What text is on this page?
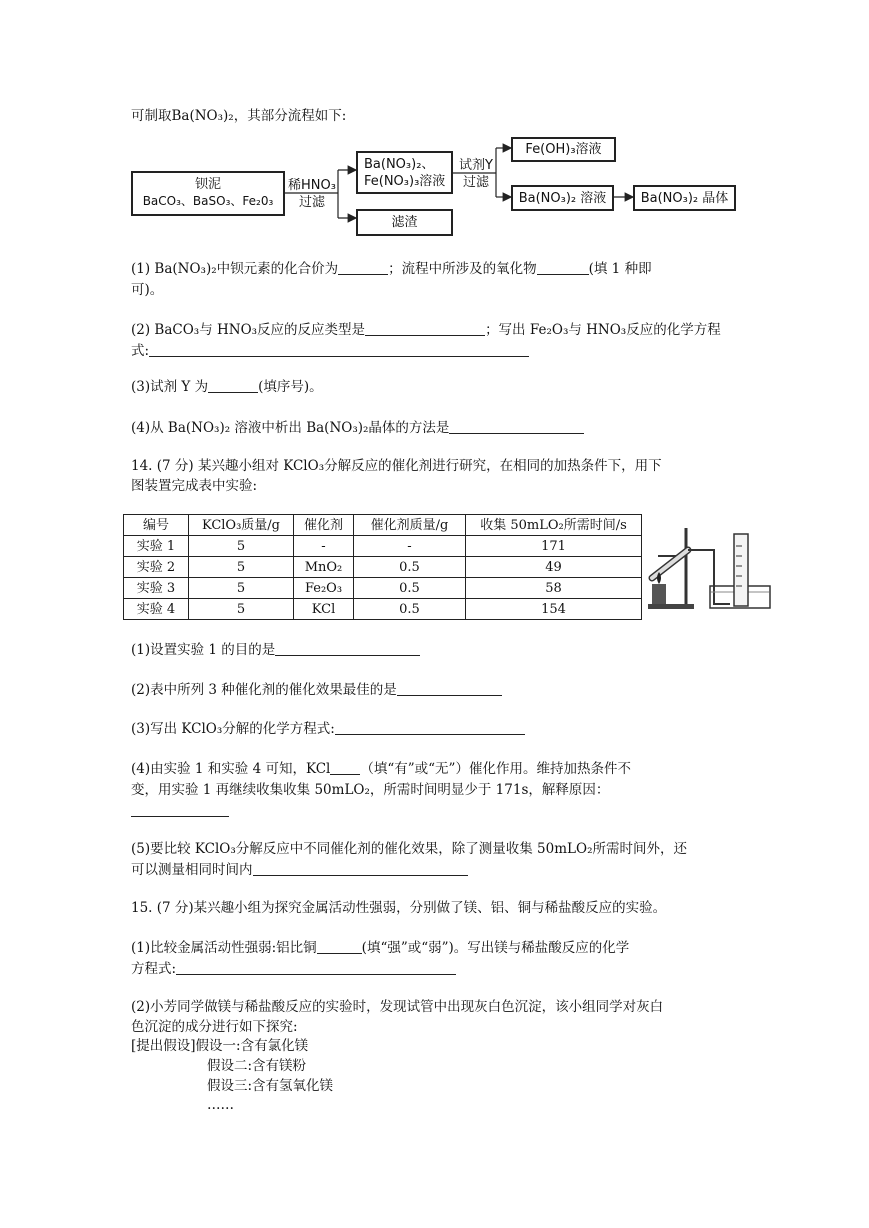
可制取Ba(NO₃)₂，其部分流程如下:
钡泥
BaCO₃、BaSO₃、Fe₂0₃
稀HNO₃
过滤
Ba(NO₃)₂、
Fe(NO₃)₃溶液
滤渣
试剂Y
过滤
Fe(OH)₃溶液
Ba(NO₃)₂ 溶液	Ba(NO₃)₂ 晶体
(1) Ba(NO₃)₂中钡元素的化合价为	；流程中所涉及的氧化物	(填 1 种即
可)。
(2) BaCO₃与 HNO₃反应的反应类型是	；写出 Fe₂O₃与 HNO₃反应的化学方程
式:
(3)试剂 Y 为	(填序号)。
(4)从 Ba(NO₃)₂ 溶液中析出 Ba(NO₃)₂晶体的方法是
14. (7 分) 某兴趣小组对 KClO₃分解反应的催化剂进行研究，在相同的加热条件下，用下
图装置完成表中实验:
编号	KClO₃质量/g	催化剂	催化剂质量/g	收集 50mLO₂所需时间/s
实验 1	5	-	-	171
实验 2	5	MnO₂	0.5	49
实验 3	5	Fe₂O₃	0.5	58
实验 4	5	KCl	0.5	154
(1)设置实验 1 的目的是
(2)表中所列 3 种催化剂的催化效果最佳的是
(3)写出 KClO₃分解的化学方程式:
(4)由实验 1 和实验 4 可知，KCl （填“有”或“无”）催化作用。维持加热条件不
变，用实验 1 再继续收集收集 50mLO₂，所需时间明显少于 171s，解释原因：
(5)要比较 KClO₃分解反应中不同催化剂的催化效果，除了测量收集 50mLO₂所需时间外，还
可以测量相同时间内
15. (7 分)某兴趣小组为探究金属活动性强弱，分别做了镁、铝、铜与稀盐酸反应的实验。
(1)比较金属活动性强弱:铝比铜	(填“强”或“弱”)。写出镁与稀盐酸反应的化学
方程式:
(2)小芳同学做镁与稀盐酸反应的实验时，发现试管中出现灰白色沉淀，该小组同学对灰白
色沉淀的成分进行如下探究:
[提出假设]假设一:含有氯化镁
假设二:含有镁粉
假设三:含有氢氧化镁
……
